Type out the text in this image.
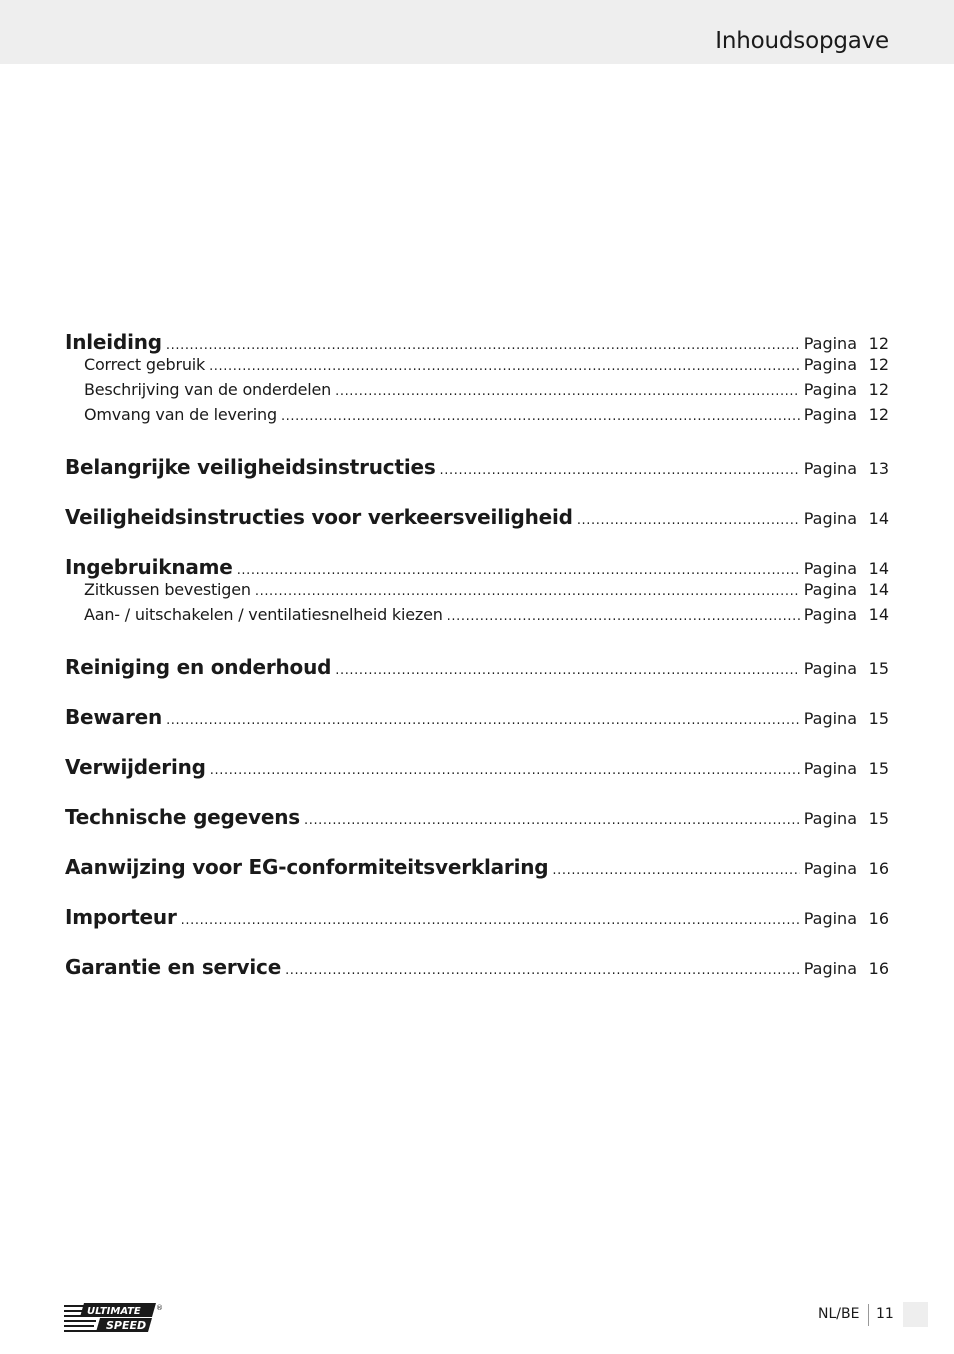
Inhoudsopgave
Inleiding .....	Pagina 12
Correct gebruik .....	Pagina 12
Beschrijving van de onderdelen .....	Pagina 12
Omvang van de levering .....	Pagina 12
Belangrijke veiligheidsinstructies .....	Pagina 13
Veiligheidsinstructies voor verkeersveiligheid .....	Pagina 14
Ingebruikname .....	Pagina 14
Zitkussen bevestigen .....	Pagina 14
Aan- / uitschakelen / ventilatiesnelheid kiezen .....	Pagina 14
Reiniging en onderhoud .....	Pagina 15
Bewaren .....	Pagina 15
Verwijdering .....	Pagina 15
Technische gegevens .....	Pagina 15
Aanwijzing voor EG-conformiteitsverklaring .....	Pagina 16
Importeur .....	Pagina 16
Garantie en service .....	Pagina 16
ULTIMATE
SPEED
®	NL/BE 11
